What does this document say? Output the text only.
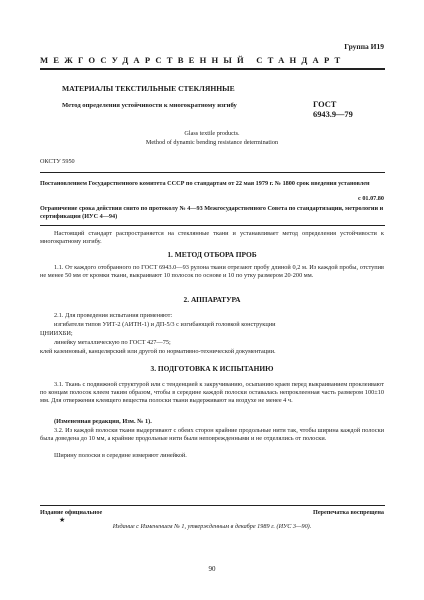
Группа И19
МЕЖГОСУДАРСТВЕННЫЙ СТАНДАРТ
МАТЕРИАЛЫ ТЕКСТИЛЬНЫЕ СТЕКЛЯННЫЕ
Метод определения устойчивости к многократному изгибу	ГОСТ
6943.9—79
Glass textile products.
Method of dynamic bending resistance determination
ОКСТУ 5950
Постановлением Государственного комитета СССР по стандартам от 22 мая 1979 г. № 1800 срок введения установлен
с 01.07.80
Ограничение срока действия снято по протоколу № 4—93 Межгосударственного Совета по стандартизации, метрологии и сертификации (ИУС 4—94)
Настоящий стандарт распространяется на стеклянные ткани и устанавливает метод определения устойчивости к многократному изгибу.
1. МЕТОД ОТБОРА ПРОБ
1.1. От каждого отобранного по ГОСТ 6943.0—93 рулона ткани отрезают пробу длиной 0,2 м. Из каждой пробы, отступив не менее 50 мм от кромки ткани, выкраивают 10 полосок по основе и 10 по утку размером 20·200 мм.
2. АППАРАТУРА
2.1. Для проведения испытания применяют:
изгибатели типов УИТ-2 (АИТН-1) и ДП-5/3 с изгибающей головкой конструкции
ЦНИИХБИ;
линейку металлическую по ГОСТ 427—75;
клей казеиновый, канцелярский или другой по нормативно-технической документации.
3. ПОДГОТОВКА К ИСПЫТАНИЮ
3.1. Ткань с подвижной структурой или с тенденцией к закручиванию, осыпанию краев перед выкраиванием проклеивают по концам полосок клеем таким образом, чтобы в середине каждой полоски оставалась непроклеенная часть размером 100±10 мм. Для отвержения клеящего вещества полоски ткани выдерживают на воздухе не менее 4 ч.
(Измененная редакция, Изм. № 1).
3.2. Из каждой полоски ткани выдергивают с обеих сторон крайние продольные нити так, чтобы ширина каждой полоски была доведена до 10 мм, а крайние продольные нити были неповрежденными и не отделялись от полоски.
Ширину полоски в середине измеряют линейкой.
Издание официальное	Перепечатка воспрещена
★
Издание с Изменением № 1, утвержденным в декабре 1989 г. (ИУС 3—90).
90
